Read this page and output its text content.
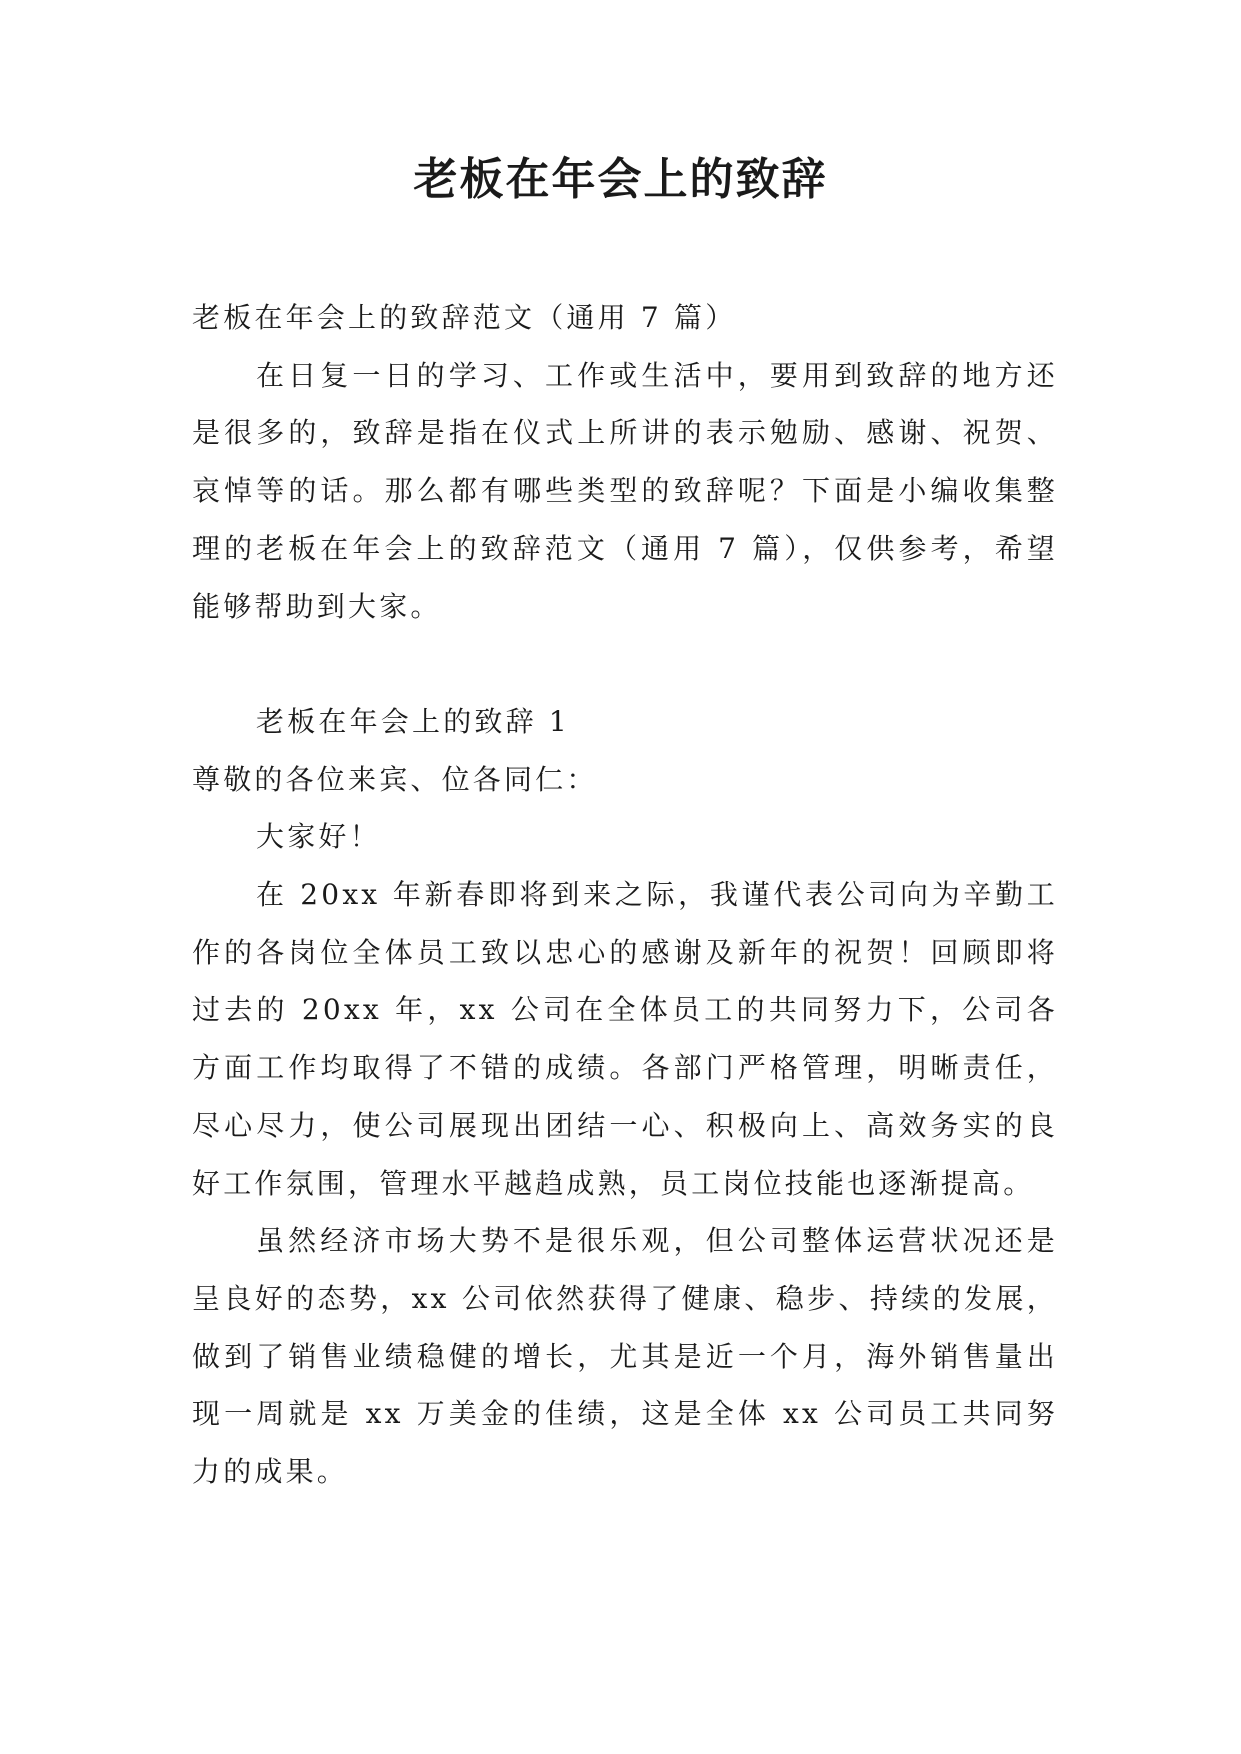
老板在年会上的致辞

老板在年会上的致辞范文（通用 7 篇）

在日复一日的学习、工作或生活中，要用到致辞的地方还是很多的，致辞是指在仪式上所讲的表示勉励、感谢、祝贺、哀悼等的话。那么都有哪些类型的致辞呢？下面是小编收集整理的老板在年会上的致辞范文（通用 7 篇），仅供参考，希望能够帮助到大家。

老板在年会上的致辞 1

尊敬的各位来宾、位各同仁：

大家好！

在 20xx 年新春即将到来之际，我谨代表公司向为辛勤工作的各岗位全体员工致以忠心的感谢及新年的祝贺！回顾即将过去的 20xx 年，xx 公司在全体员工的共同努力下，公司各方面工作均取得了不错的成绩。各部门严格管理，明晰责任，尽心尽力，使公司展现出团结一心、积极向上、高效务实的良好工作氛围，管理水平越趋成熟，员工岗位技能也逐渐提高。

虽然经济市场大势不是很乐观，但公司整体运营状况还是呈良好的态势，xx 公司依然获得了健康、稳步、持续的发展，做到了销售业绩稳健的增长，尤其是近一个月，海外销售量出现一周就是 xx 万美金的佳绩，这是全体 xx 公司员工共同努力的成果。
